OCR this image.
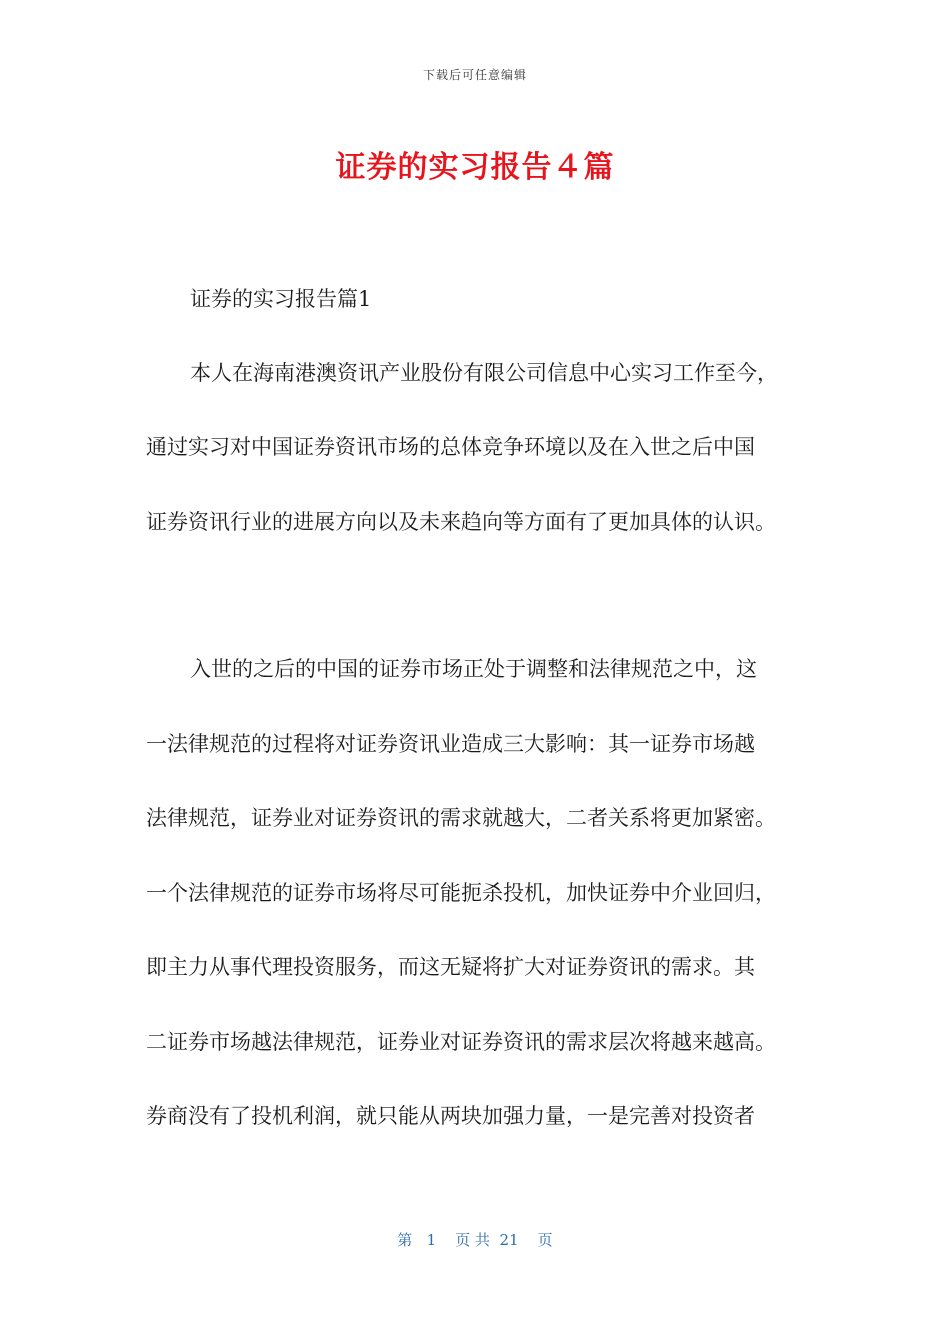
下载后可任意编辑
证券的实习报告４篇
证券的实习报告篇1
本人在海南港澳资讯产业股份有限公司信息中心实习工作至今，
通过实习对中国证券资讯市场的总体竞争环境以及在入世之后中国
证券资讯行业的进展方向以及未来趋向等方面有了更加具体的认识。
入世的之后的中国的证券市场正处于调整和法律规范之中，这
一法律规范的过程将对证券资讯业造成三大影响：其一证券市场越
法律规范，证券业对证券资讯的需求就越大，二者关系将更加紧密。
一个法律规范的证券市场将尽可能扼杀投机，加快证券中介业回归，
即主力从事代理投资服务，而这无疑将扩大对证券资讯的需求。其
二证券市场越法律规范，证券业对证券资讯的需求层次将越来越高。
券商没有了投机利润，就只能从两块加强力量，一是完善对投资者
第   1    页 共  21    页
